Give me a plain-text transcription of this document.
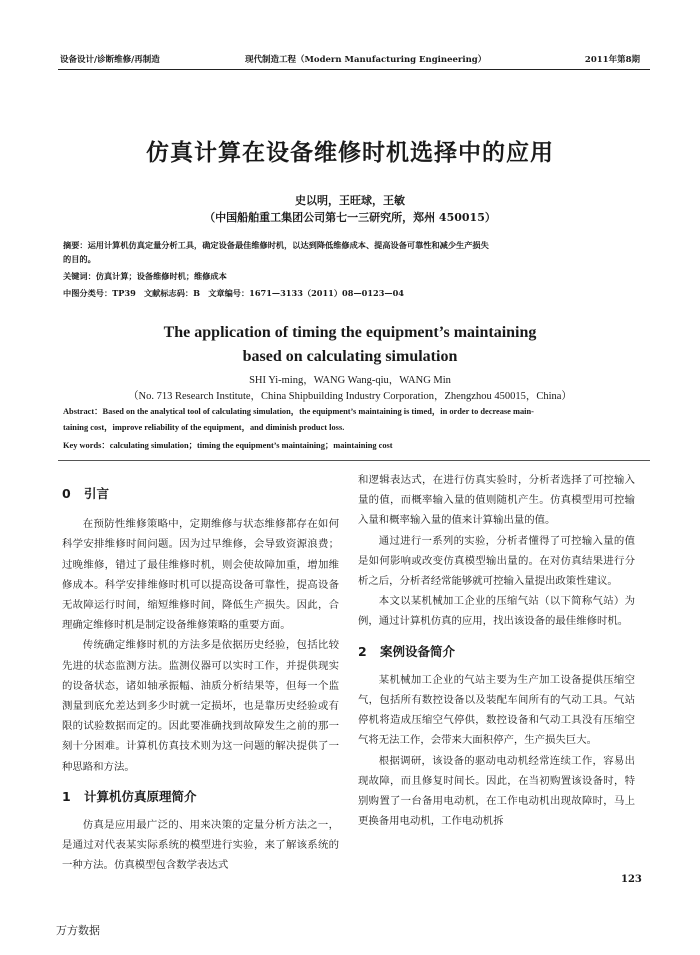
设备设计/诊断维修/再制造	现代制造工程（Modern Manufacturing Engineering）	2011年第8期
仿真计算在设备维修时机选择中的应用
史以明，王旺球，王敏
（中国船舶重工集团公司第七一三研究所，郑州 450015）
摘要：运用计算机仿真定量分析工具，确定设备最佳维修时机，以达到降低维修成本、提高设备可靠性和减少生产损失
的目的。
关键词：仿真计算；设备维修时机；维修成本
中图分类号：TP39　文献标志码：B　文章编号：1671—3133（2011）08—0123—04
The application of timing the equipment’s maintaining
based on calculating simulation
SHI Yi-ming，WANG Wang-qiu，WANG Min
（No. 713 Research Institute，China Shipbuilding Industry Corporation，Zhengzhou 450015，China）
Abstract：Based on the analytical tool of calculating simulation，the equipment’s maintaining is timed，in order to decrease main-
taining cost，improve reliability of the equipment，and diminish product loss.
Key words：calculating simulation；timing the equipment’s maintaining；maintaining cost
0 引言

在预防性维修策略中，定期维修与状态维修都存在如何科学安排维修时间问题。因为过早维修，会导致资源浪费；过晚维修，错过了最佳维修时机，则会使故障加重，增加维修成本。科学安排维修时机可以提高设备可靠性，提高设备无故障运行时间，缩短维修时间，降低生产损失。因此，合理确定维修时机是制定设备维修策略的重要方面。

传统确定维修时机的方法多是依据历史经验，包括比较先进的状态监测方法。监测仪器可以实时工作，并提供现实的设备状态，诸如轴承振幅、油质分析结果等，但每一个监测量到底允差达到多少时就一定损坏，也是靠历史经验或有限的试验数据而定的。因此要准确找到故障发生之前的那一刻十分困难。计算机仿真技术则为这一问题的解决提供了一种思路和方法。

1 计算机仿真原理简介

仿真是应用最广泛的、用来决策的定量分析方法之一，是通过对代表某实际系统的模型进行实验，来了解该系统的一种方法。仿真模型包含数学表达式

和逻辑表达式，在进行仿真实验时，分析者选择了可控输入量的值，而概率输入量的值则随机产生。仿真模型用可控输入量和概率输入量的值来计算输出量的值。

通过进行一系列的实验，分析者懂得了可控输入量的值是如何影响或改变仿真模型输出量的。在对仿真结果进行分析之后，分析者经常能够就可控输入量提出政策性建议。

本文以某机械加工企业的压缩气站（以下简称气站）为例，通过计算机仿真的应用，找出该设备的最佳维修时机。

2 案例设备简介

某机械加工企业的气站主要为生产加工设备提供压缩空气，包括所有数控设备以及装配车间所有的气动工具。气站停机将造成压缩空气停供，数控设备和气动工具没有压缩空气将无法工作，会带来大面积停产，生产损失巨大。

根据调研，该设备的驱动电动机经常连续工作，容易出现故障，而且修复时间长。因此，在当初购置该设备时，特别购置了一台备用电动机，在工作电动机出现故障时，马上更换备用电动机，工作电动机拆

123
万方数据
